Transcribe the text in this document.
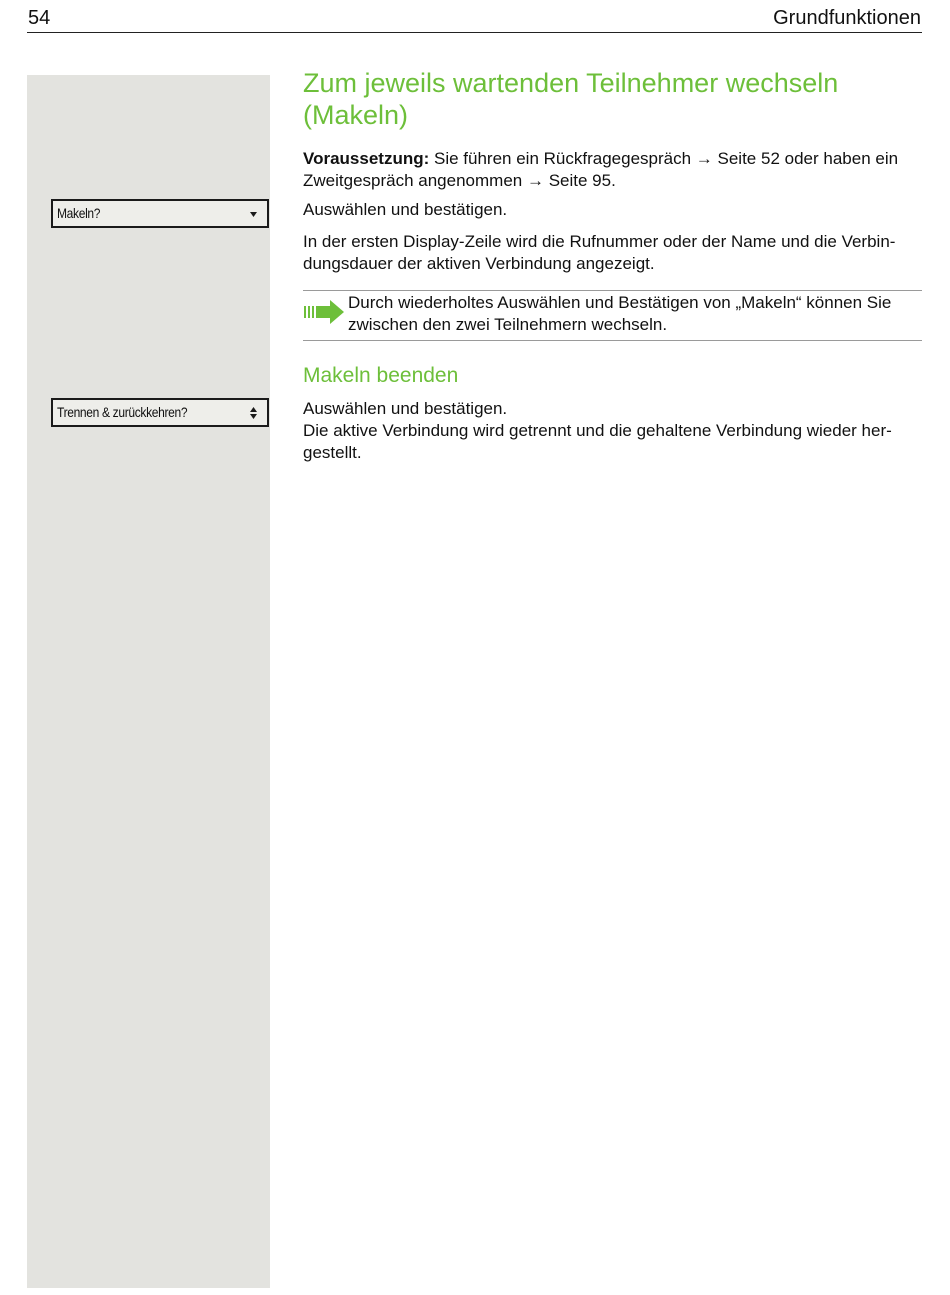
54	Grundfunktionen
Makeln?
Trennen & zurückkehren?
Zum jeweils wartenden Teilnehmer wechseln (Makeln)

Voraussetzung: Sie führen ein Rückfragegespräch → Seite 52 oder haben ein Zweitgespräch angenommen → Seite 95.

Auswählen und bestätigen.

In der ersten Display-Zeile wird die Rufnummer oder der Name und die Verbin-dungsdauer der aktiven Verbindung angezeigt.

Durch wiederholtes Auswählen und Bestätigen von „Makeln“ können Sie zwischen den zwei Teilnehmern wechseln.

Makeln beenden

Auswählen und bestätigen.

Die aktive Verbindung wird getrennt und die gehaltene Verbindung wieder her-gestellt.
